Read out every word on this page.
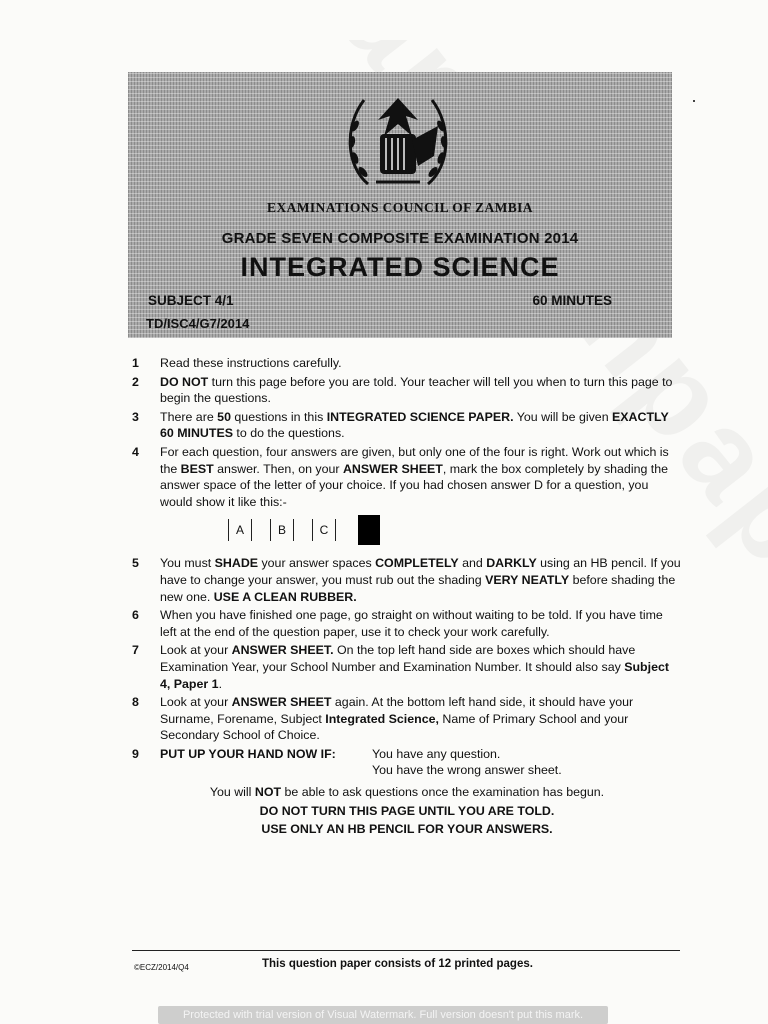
EXAMINATIONS COUNCIL OF ZAMBIA
GRADE SEVEN COMPOSITE EXAMINATION 2014
INTEGRATED SCIENCE
SUBJECT 4/1	60 MINUTES
TD/ISC4/G7/2014
1 Read these instructions carefully.
2 DO NOT turn this page before you are told. Your teacher will tell you when to turn this page to begin the questions.
3 There are 50 questions in this INTEGRATED SCIENCE PAPER. You will be given EXACTLY 60 MINUTES to do the questions.
4 For each question, four answers are given, but only one of the four is right. Work out which is the BEST answer. Then, on your ANSWER SHEET, mark the box completely by shading the answer space of the letter of your choice. If you had chosen answer D for a question, you would show it like this:-
A	B	C	D
5 You must SHADE your answer spaces COMPLETELY and DARKLY using an HB pencil. If you have to change your answer, you must rub out the shading VERY NEATLY before shading the new one. USE A CLEAN RUBBER.
6 When you have finished one page, go straight on without waiting to be told. If you have time left at the end of the question paper, use it to check your work carefully.
7 Look at your ANSWER SHEET. On the top left hand side are boxes which should have Examination Year, your School Number and Examination Number. It should also say Subject 4, Paper 1.
8 Look at your ANSWER SHEET again. At the bottom left hand side, it should have your Surname, Forename, Subject Integrated Science, Name of Primary School and your Secondary School of Choice.
9 PUT UP YOUR HAND NOW IF:	You have any question.
You have the wrong answer sheet.
You will NOT be able to ask questions once the examination has begun.
DO NOT TURN THIS PAGE UNTIL YOU ARE TOLD.
USE ONLY AN HB PENCIL FOR YOUR ANSWERS.
©ECZ/2014/Q4	This question paper consists of 12 printed pages.
Protected with trial version of Visual Watermark. Full version doesn't put this mark.
